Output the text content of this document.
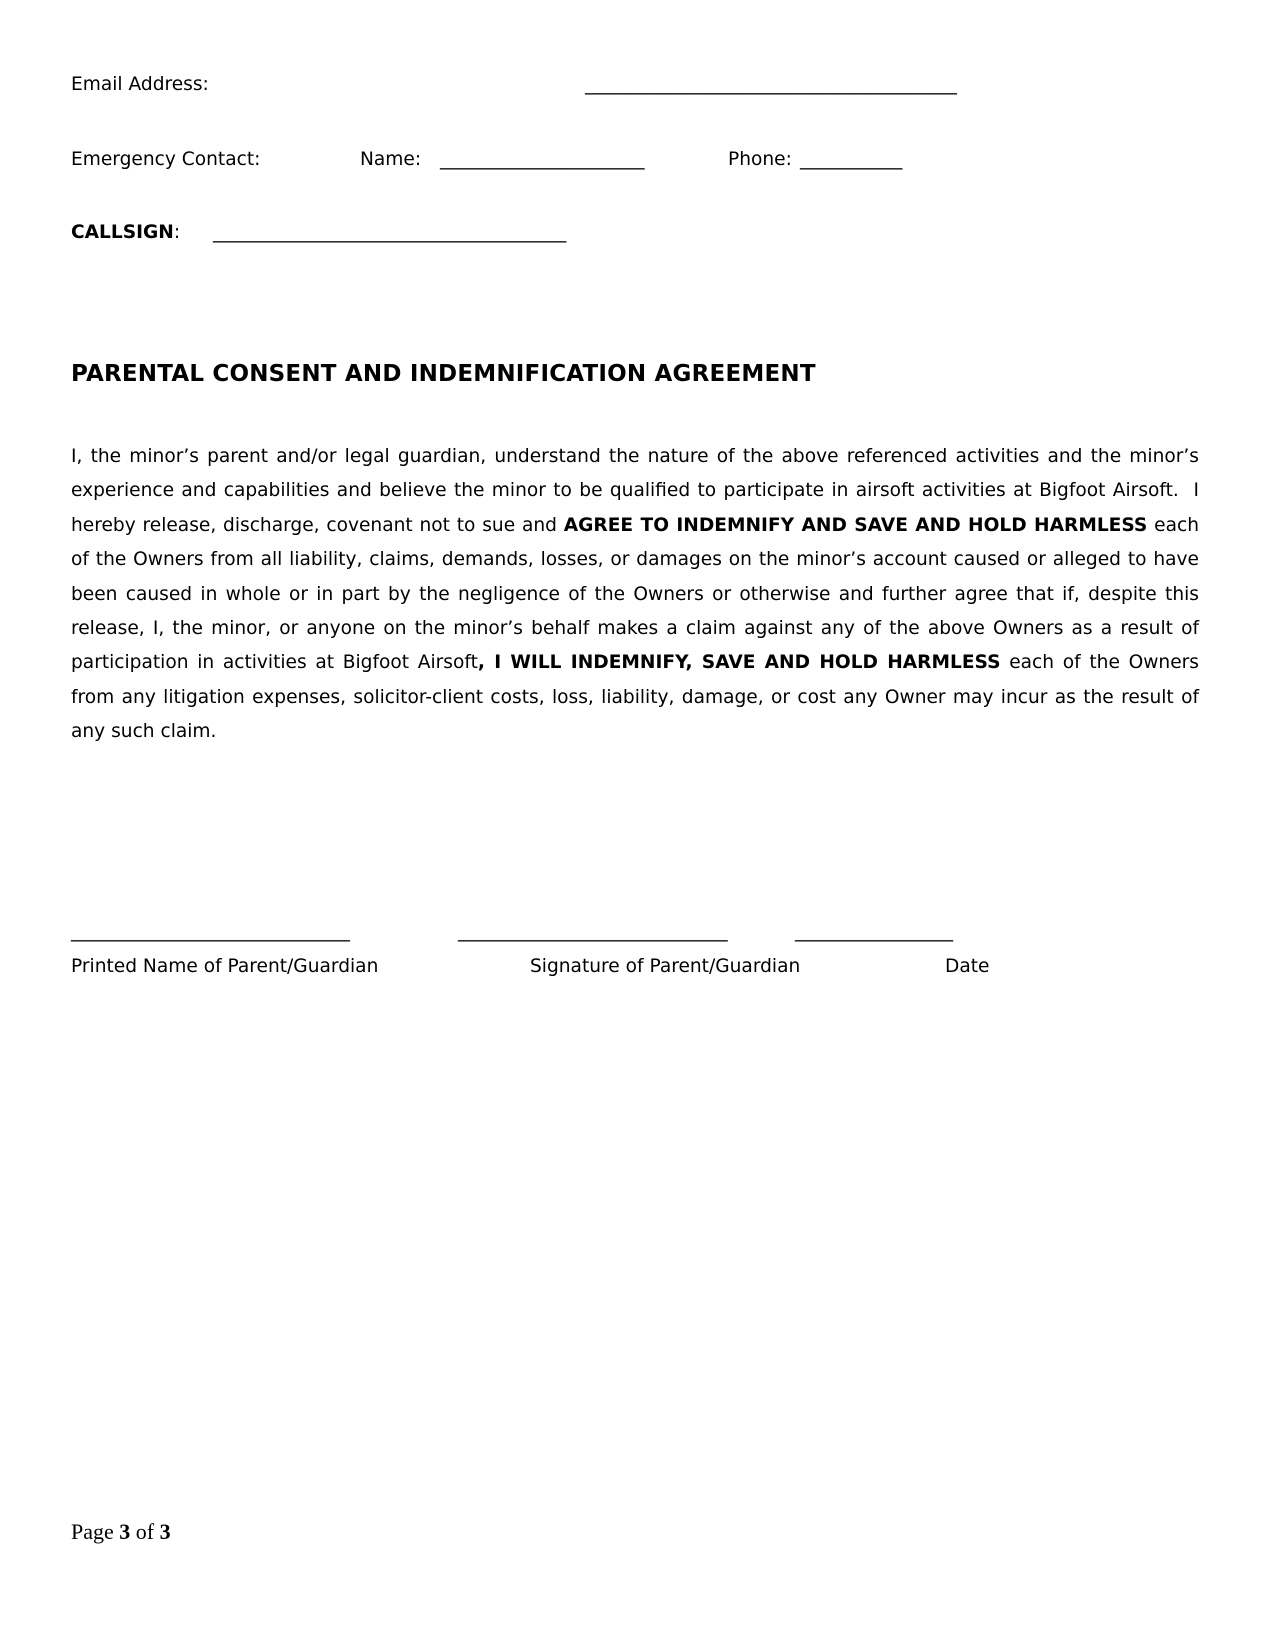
Email Address:	________________________________________
Emergency Contact:	Name: ______________________	Phone: ___________
CALLSIGN: ______________________________________
PARENTAL CONSENT AND INDEMNIFICATION AGREEMENT
I, the minor’s parent and/or legal guardian, understand the nature of the above referenced activities and the minor’s experience and capabilities and believe the minor to be qualified to participate in airsoft activities at Bigfoot Airsoft.  I hereby release, discharge, covenant not to sue and AGREE TO INDEMNIFY AND SAVE AND HOLD HARMLESS each of the Owners from all liability, claims, demands, losses, or damages on the minor’s account caused or alleged to have been caused in whole or in part by the negligence of the Owners or otherwise and further agree that if, despite this release, I, the minor, or anyone on the minor’s behalf makes a claim against any of the above Owners as a result of participation in activities at Bigfoot Airsoft, I WILL INDEMNIFY, SAVE AND HOLD HARMLESS each of the Owners from any litigation expenses, solicitor-client costs, loss, liability, damage, or cost any Owner may incur as the result of any such claim.
______________________________	_____________________________	_________________
Printed Name of Parent/Guardian	Signature of Parent/Guardian	Date
Page 3 of 3
